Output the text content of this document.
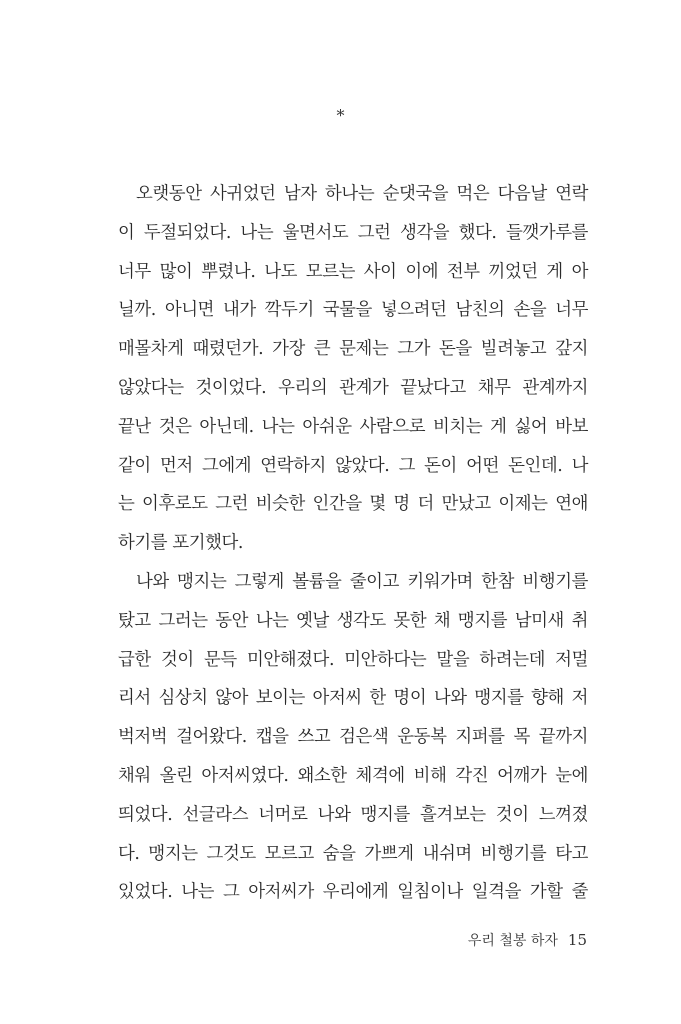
*
오랫동안 사귀었던 남자 하나는 순댓국을 먹은 다음날 연락
이 두절되었다. 나는 울면서도 그런 생각을 했다. 들깻가루를
너무 많이 뿌렸나. 나도 모르는 사이 이에 전부 끼었던 게 아
닐까. 아니면 내가 깍두기 국물을 넣으려던 남친의 손을 너무
매몰차게 때렸던가. 가장 큰 문제는 그가 돈을 빌려놓고 갚지
않았다는 것이었다. 우리의 관계가 끝났다고 채무 관계까지
끝난 것은 아닌데. 나는 아쉬운 사람으로 비치는 게 싫어 바보
같이 먼저 그에게 연락하지 않았다. 그 돈이 어떤 돈인데. 나
는 이후로도 그런 비슷한 인간을 몇 명 더 만났고 이제는 연애
하기를 포기했다.
나와 맹지는 그렇게 볼륨을 줄이고 키워가며 한참 비행기를
탔고 그러는 동안 나는 옛날 생각도 못한 채 맹지를 남미새 취
급한 것이 문득 미안해졌다. 미안하다는 말을 하려는데 저멀
리서 심상치 않아 보이는 아저씨 한 명이 나와 맹지를 향해 저
벅저벅 걸어왔다. 캡을 쓰고 검은색 운동복 지퍼를 목 끝까지
채워 올린 아저씨였다. 왜소한 체격에 비해 각진 어깨가 눈에
띄었다. 선글라스 너머로 나와 맹지를 흘겨보는 것이 느껴졌
다. 맹지는 그것도 모르고 숨을 가쁘게 내쉬며 비행기를 타고
있었다. 나는 그 아저씨가 우리에게 일침이나 일격을 가할 줄
우리 철봉 하자 15
